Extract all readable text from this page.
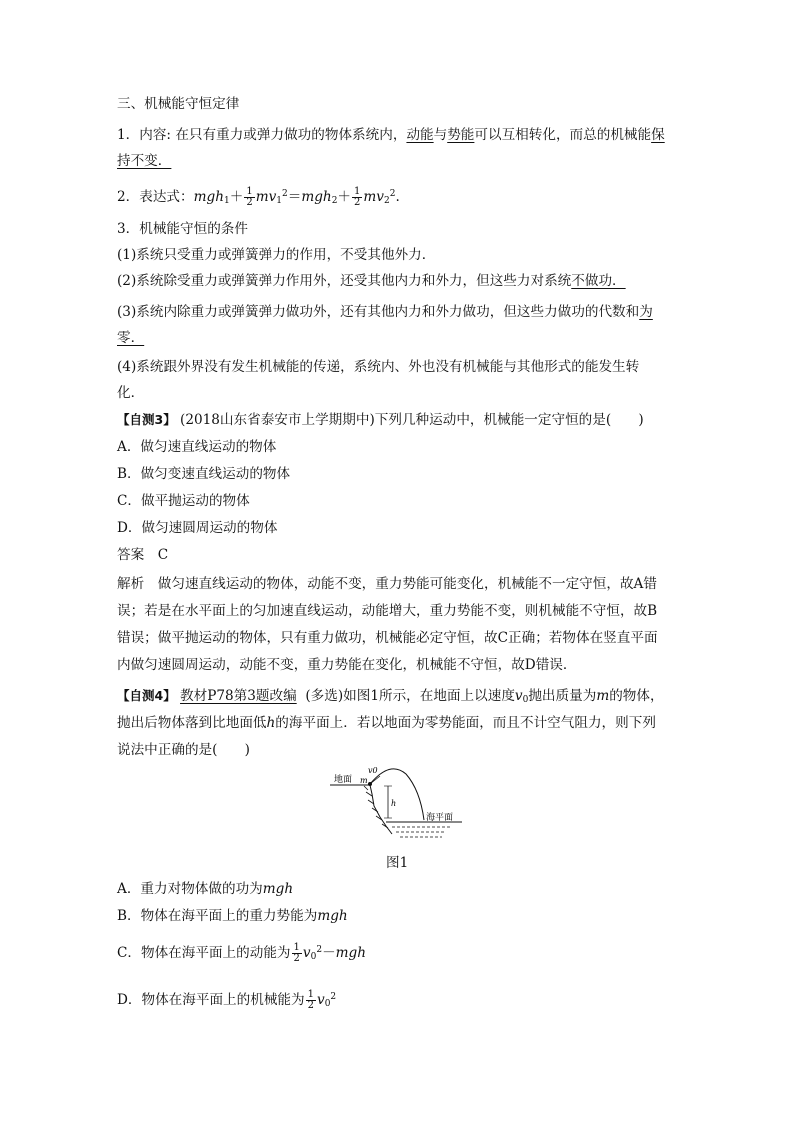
三、机械能守恒定律
1．内容: 在只有重力或弹力做功的物体系统内，动能与势能可以互相转化，而总的机械能保
持不变．
2．表达式：$mgh_1+ \frac{1}{2} mv_1^2=mgh_2+ \frac{1}{2} mv_2^2$.
3．机械能守恒的条件
(1)系统只受重力或弹簧弹力的作用，不受其他外力．
(2)系统除受重力或弹簧弹力作用外，还受其他内力和外力，但这些力对系统不做功．
(3)系统内除重力或弹簧弹力做功外，还有其他内力和外力做功，但这些力做功的代数和为
零．
(4)系统跟外界没有发生机械能的传递，系统内、外也没有机械能与其他形式的能发生转
化．
【自测3】 (2018山东省泰安市上学期期中)下列几种运动中，机械能一定守恒的是(　　)
A．做匀速直线运动的物体
B．做匀变速直线运动的物体
C．做平抛运动的物体
D．做匀速圆周运动的物体
答案　C
解析　做匀速直线运动的物体，动能不变，重力势能可能变化，机械能不一定守恒，故A错
误；若是在水平面上的匀加速直线运动，动能增大，重力势能不变，则机械能不守恒，故B
错误；做平抛运动的物体，只有重力做功，机械能必定守恒，故C正确；若物体在竖直平面
内做匀速圆周运动，动能不变，重力势能在变化，机械能不守恒，故D错误．
【自测4】 教材P78第3题改编 (多选)如图1所示，在地面上以速度$v_0$抛出质量为m的物体，
抛出后物体落到比地面低h的海平面上．若以地面为零势能面，而且不计空气阻力，则下列
说法中正确的是(　　)
地面 m
v0
海平面
h
图1
A．重力对物体做的功为mgh
B．物体在海平面上的重力势能为mgh
C．物体在海平面上的动能为 $\frac{1}{2} v_0^2-mgh$
D．物体在海平面上的机械能为 $\frac{1}{2} v_0^2$
